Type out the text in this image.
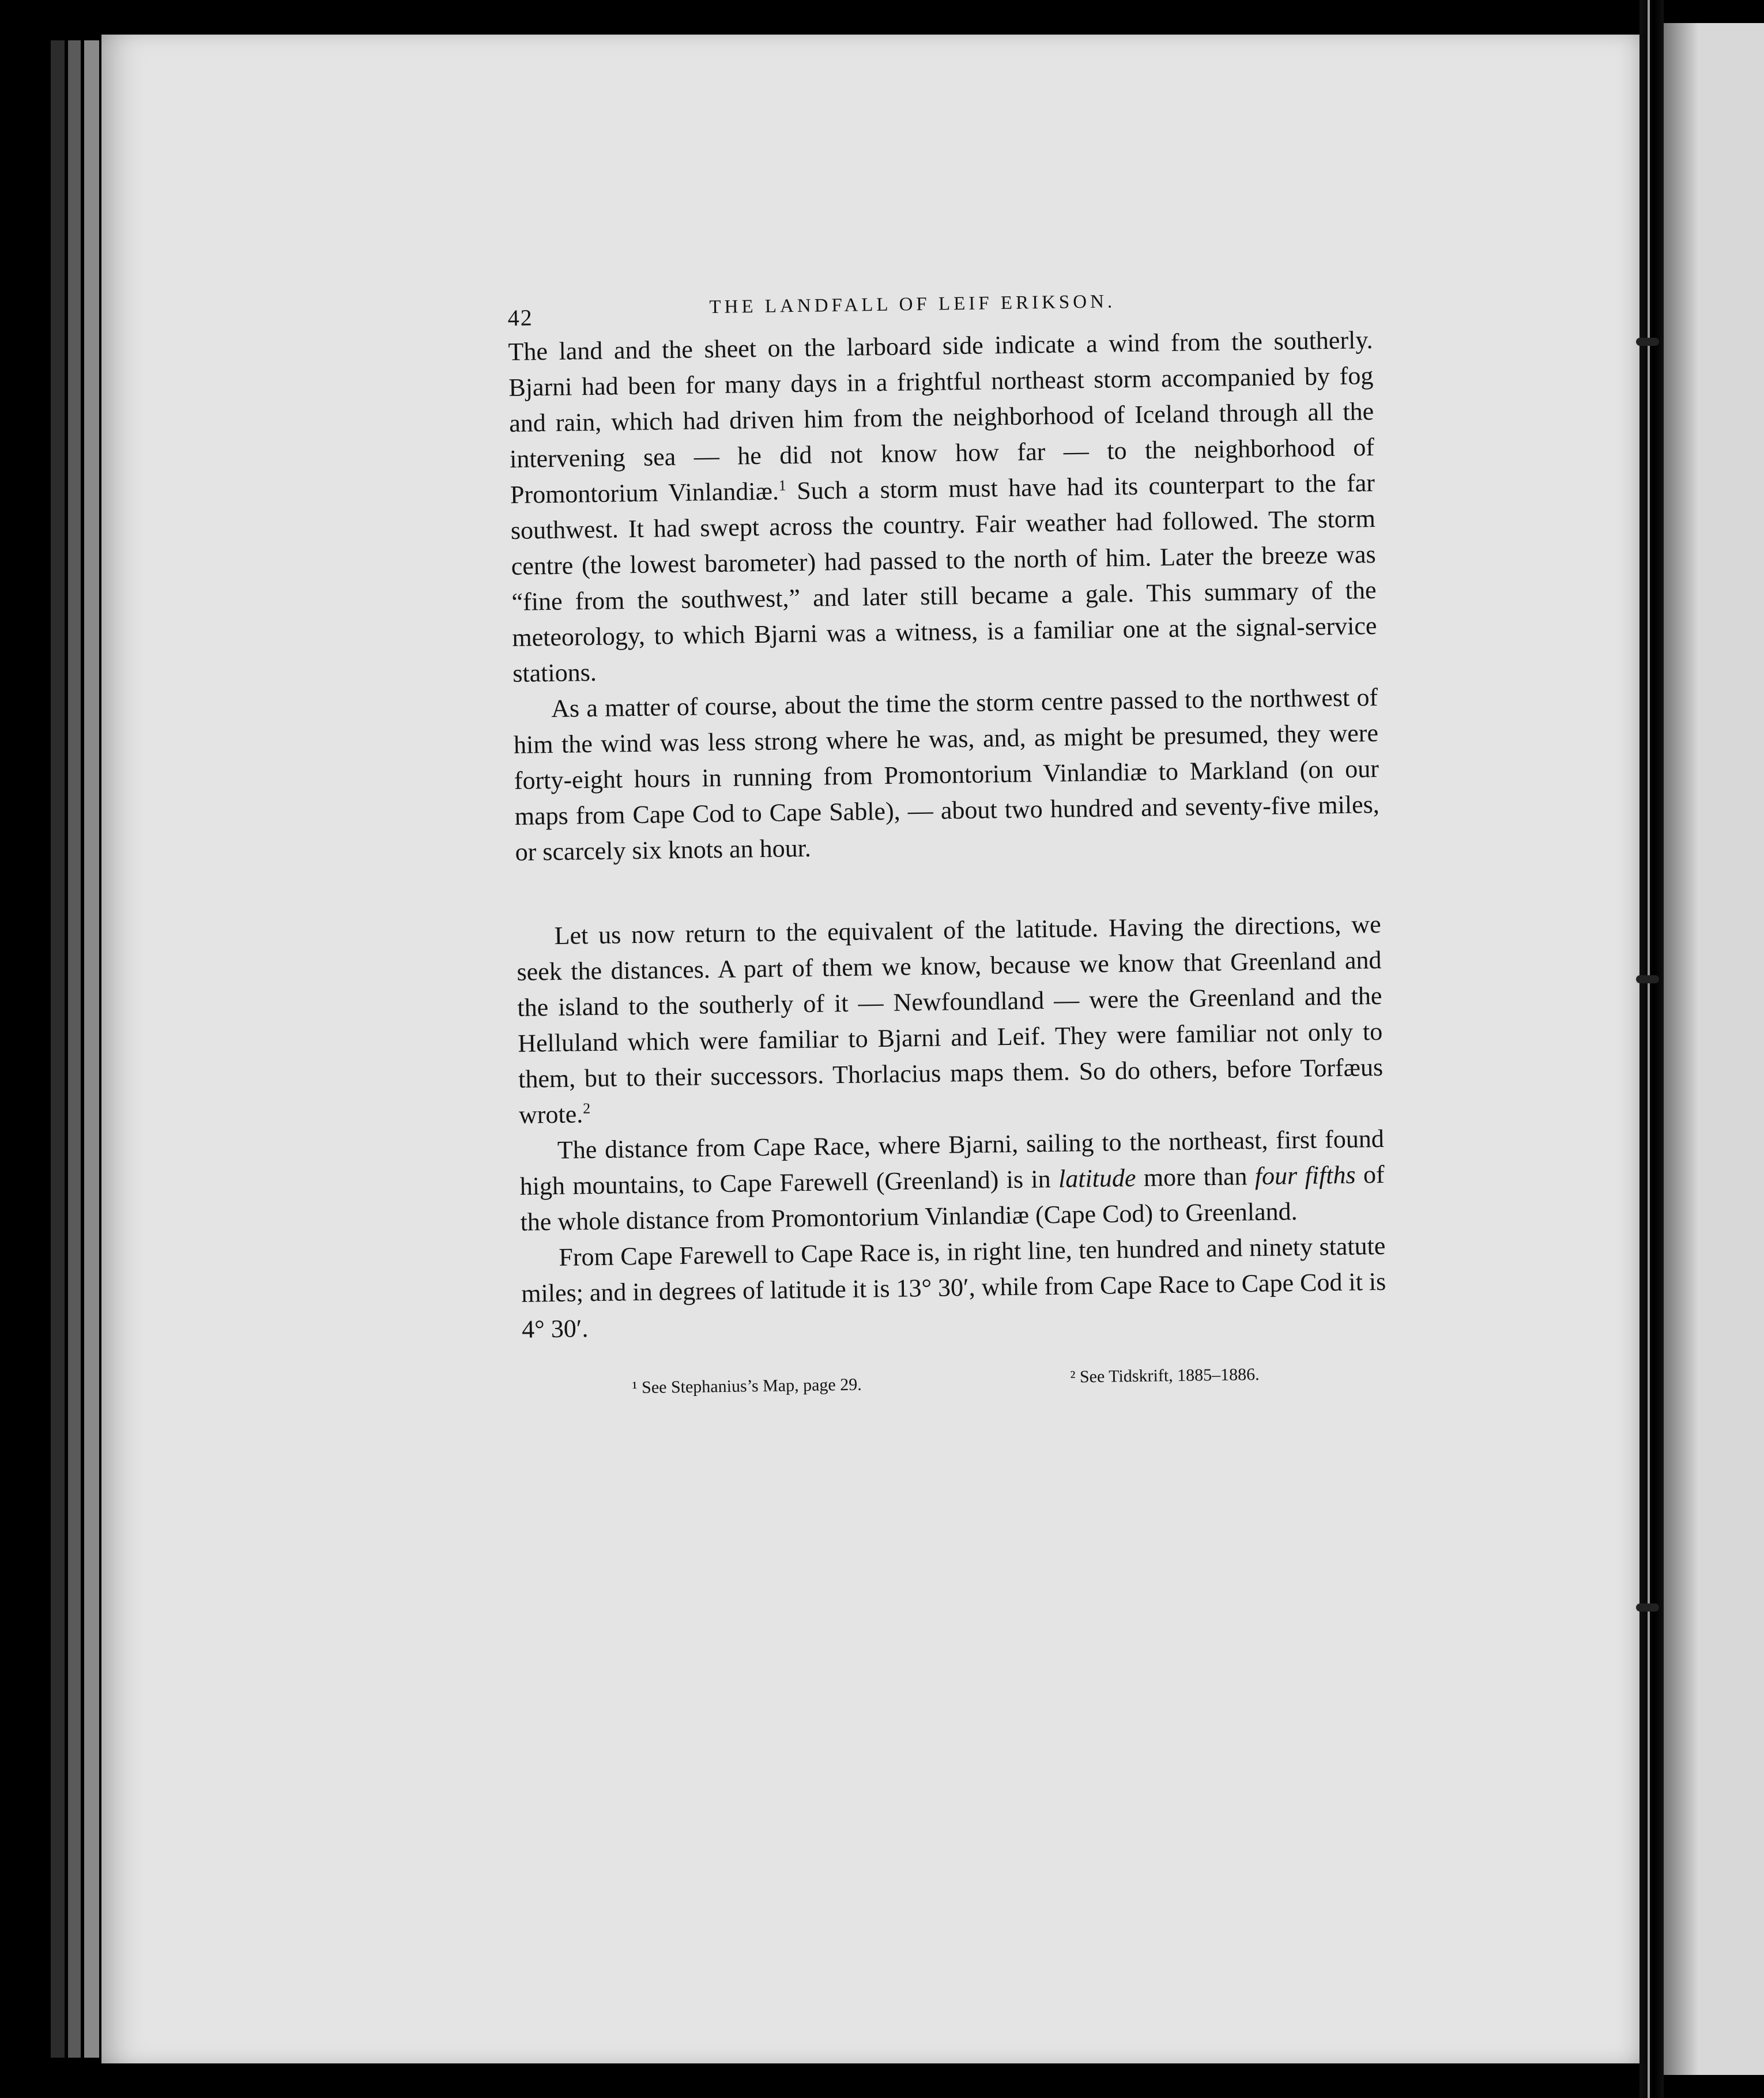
42
THE LANDFALL OF LEIF ERIKSON.

The land and the sheet on the larboard side indicate a wind from the southerly. Bjarni had been for many days in a frightful northeast storm accompanied by fog and rain, which had driven him from the neighborhood of Iceland through all the intervening sea — he did not know how far — to the neighborhood of Promontorium Vinlandiæ.$^1$ Such a storm must have had its counterpart to the far southwest. It had swept across the country. Fair weather had followed. The storm centre (the lowest barometer) had passed to the north of him. Later the breeze was “fine from the southwest,” and later still became a gale. This summary of the meteorology, to which Bjarni was a witness, is a familiar one at the signal-service stations.

As a matter of course, about the time the storm centre passed to the northwest of him the wind was less strong where he was, and, as might be presumed, they were forty-eight hours in running from Promontorium Vinlandiæ to Markland (on our maps from Cape Cod to Cape Sable), — about two hundred and seventy-five miles, or scarcely six knots an hour.

Let us now return to the equivalent of the latitude. Having the directions, we seek the distances. A part of them we know, because we know that Greenland and the island to the southerly of it — Newfoundland — were the Greenland and the Helluland which were familiar to Bjarni and Leif. They were familiar not only to them, but to their successors. Thorlacius maps them. So do others, before Torfæus wrote.$^2$

The distance from Cape Race, where Bjarni, sailing to the northeast, first found high mountains, to Cape Farewell (Greenland) is in latitude more than four fifths of the whole distance from Promontorium Vinlandiæ (Cape Cod) to Greenland.

From Cape Farewell to Cape Race is, in right line, ten hundred and ninety statute miles; and in degrees of latitude it is 13° 30′, while from Cape Race to Cape Cod it is 4° 30′.

¹ See Stephanius’s Map, page 29.	² See Tidskrift, 1885–1886.
